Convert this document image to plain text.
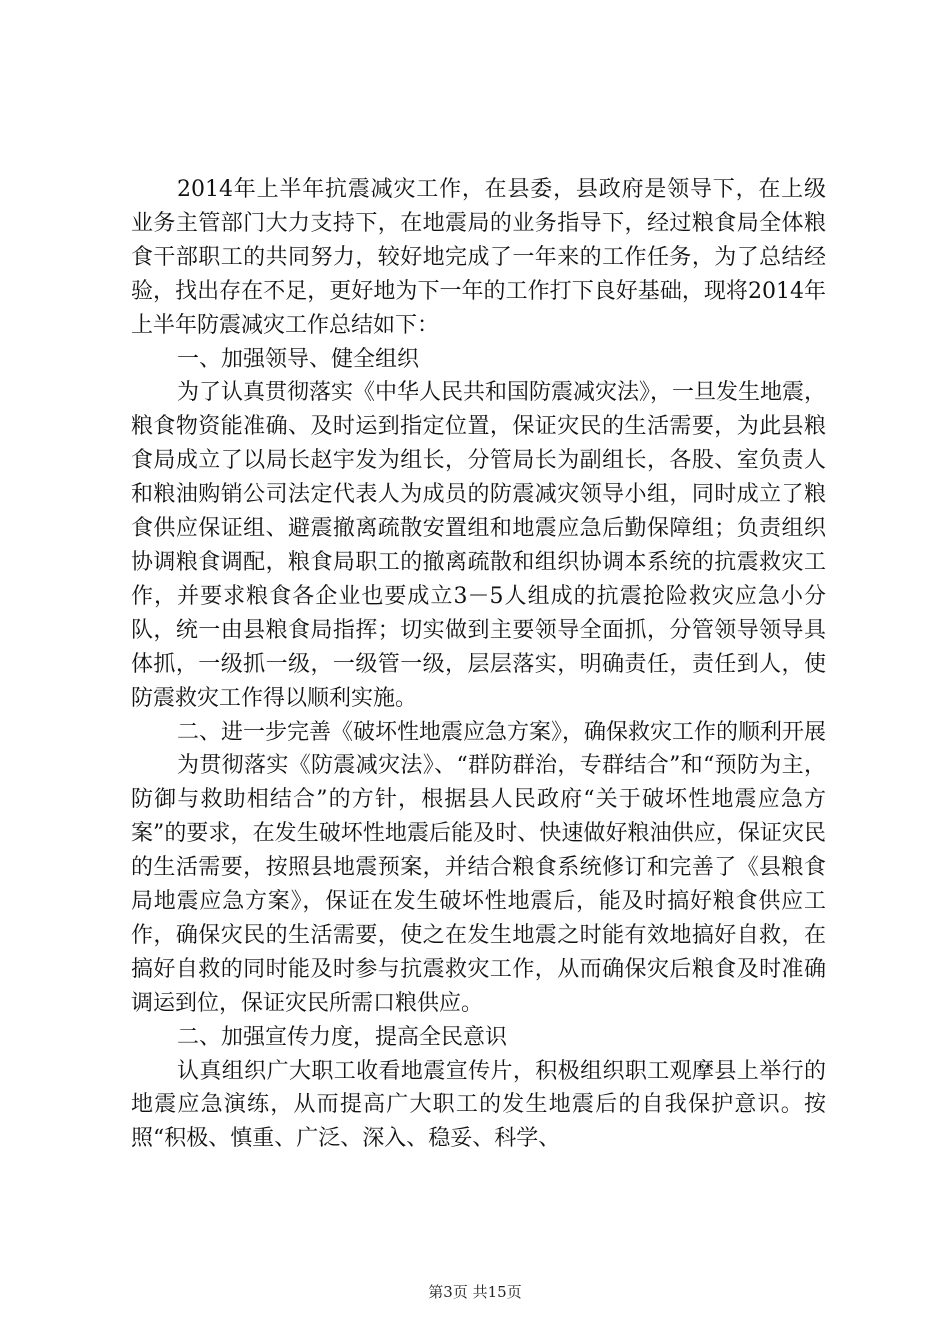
2014年上半年抗震减灾工作，在县委，县政府是领导下，在上级业务主管部门大力支持下，在地震局的业务指导下，经过粮食局全体粮食干部职工的共同努力，较好地完成了一年来的工作任务，为了总结经验，找出存在不足，更好地为下一年的工作打下良好基础，现将2014年上半年防震减灾工作总结如下：

一、加强领导、健全组织

为了认真贯彻落实《中华人民共和国防震减灾法》，一旦发生地震，粮食物资能准确、及时运到指定位置，保证灾民的生活需要，为此县粮食局成立了以局长赵宇发为组长，分管局长为副组长，各股、室负责人和粮油购销公司法定代表人为成员的防震减灾领导小组，同时成立了粮食供应保证组、避震撤离疏散安置组和地震应急后勤保障组；负责组织协调粮食调配，粮食局职工的撤离疏散和组织协调本系统的抗震救灾工作，并要求粮食各企业也要成立3－5人组成的抗震抢险救灾应急小分队，统一由县粮食局指挥；切实做到主要领导全面抓，分管领导领导具体抓，一级抓一级，一级管一级，层层落实，明确责任，责任到人，使防震救灾工作得以顺利实施。

二、进一步完善《破坏性地震应急方案》，确保救灾工作的顺利开展

为贯彻落实《防震减灾法》、“群防群治，专群结合”和“预防为主，防御与救助相结合”的方针，根据县人民政府“关于破坏性地震应急方案”的要求，在发生破坏性地震后能及时、快速做好粮油供应，保证灾民的生活需要，按照县地震预案，并结合粮食系统修订和完善了《县粮食局地震应急方案》，保证在发生破坏性地震后，能及时搞好粮食供应工作，确保灾民的生活需要，使之在发生地震之时能有效地搞好自救，在搞好自救的同时能及时参与抗震救灾工作，从而确保灾后粮食及时准确调运到位，保证灾民所需口粮供应。

二、加强宣传力度，提高全民意识

认真组织广大职工收看地震宣传片，积极组织职工观摩县上举行的地震应急演练，从而提高广大职工的发生地震后的自我保护意识。按照“积极、慎重、广泛、深入、稳妥、科学、

第3页 共15页
